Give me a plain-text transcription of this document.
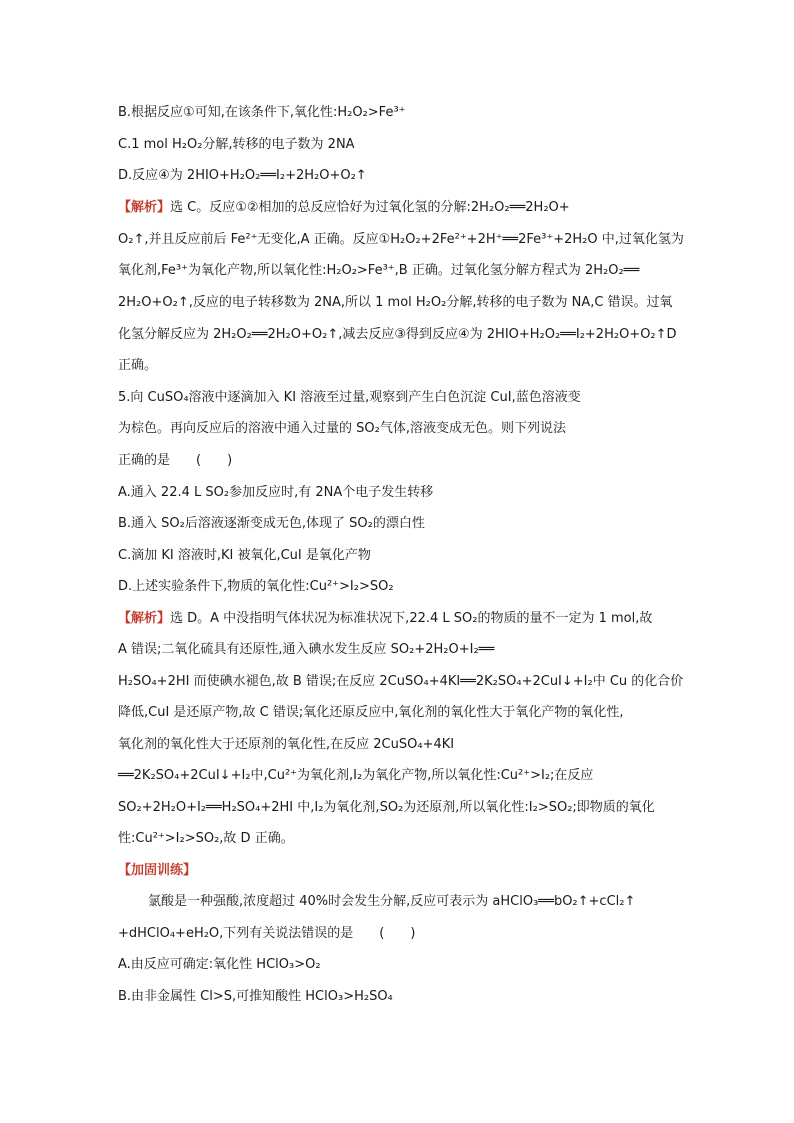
B.根据反应①可知,在该条件下,氧化性:H₂O₂>Fe³⁺
C.1 mol H₂O₂分解,转移的电子数为 2NA
D.反应④为 2HIO+H₂O₂══I₂+2H₂O+O₂↑
【解析】选 C。反应①②相加的总反应恰好为过氧化氢的分解:2H₂O₂══2H₂O+
O₂↑,并且反应前后 Fe²⁺无变化,A 正确。反应①H₂O₂+2Fe²⁺+2H⁺══2Fe³⁺+2H₂O 中,过氧化氢为
氧化剂,Fe³⁺为氧化产物,所以氧化性:H₂O₂>Fe³⁺,B 正确。过氧化氢分解方程式为 2H₂O₂══
2H₂O+O₂↑,反应的电子转移数为 2NA,所以 1 mol H₂O₂分解,转移的电子数为 NA,C 错误。过氧
化氢分解反应为 2H₂O₂══2H₂O+O₂↑,减去反应③得到反应④为 2HIO+H₂O₂══I₂+2H₂O+O₂↑D
正确。
5.向 CuSO₄溶液中逐滴加入 KI 溶液至过量,观察到产生白色沉淀 CuI,蓝色溶液变
为棕色。再向反应后的溶液中通入过量的 SO₂气体,溶液变成无色。则下列说法
正确的是　　(　　)
A.通入 22.4 L SO₂参加反应时,有 2NA个电子发生转移
B.通入 SO₂后溶液逐渐变成无色,体现了 SO₂的漂白性
C.滴加 KI 溶液时,KI 被氧化,CuI 是氧化产物
D.上述实验条件下,物质的氧化性:Cu²⁺>I₂>SO₂
【解析】选 D。A 中没指明气体状况为标准状况下,22.4 L SO₂的物质的量不一定为 1 mol,故
A 错误;二氧化硫具有还原性,通入碘水发生反应 SO₂+2H₂O+I₂══
H₂SO₄+2HI 而使碘水褪色,故 B 错误;在反应 2CuSO₄+4KI══2K₂SO₄+2CuI↓+I₂中 Cu 的化合价
降低,CuI 是还原产物,故 C 错误;氧化还原反应中,氧化剂的氧化性大于氧化产物的氧化性,
氧化剂的氧化性大于还原剂的氧化性,在反应 2CuSO₄+4KI
══2K₂SO₄+2CuI↓+I₂中,Cu²⁺为氧化剂,I₂为氧化产物,所以氧化性:Cu²⁺>I₂;在反应
SO₂+2H₂O+I₂══H₂SO₄+2HI 中,I₂为氧化剂,SO₂为还原剂,所以氧化性:I₂>SO₂;即物质的氧化
性:Cu²⁺>I₂>SO₂,故 D 正确。
【加固训练】
氯酸是一种强酸,浓度超过 40%时会发生分解,反应可表示为 aHClO₃══bO₂↑+cCl₂↑
+dHClO₄+eH₂O,下列有关说法错误的是　　(　　)
A.由反应可确定:氧化性 HClO₃>O₂
B.由非金属性 Cl>S,可推知酸性 HClO₃>H₂SO₄
